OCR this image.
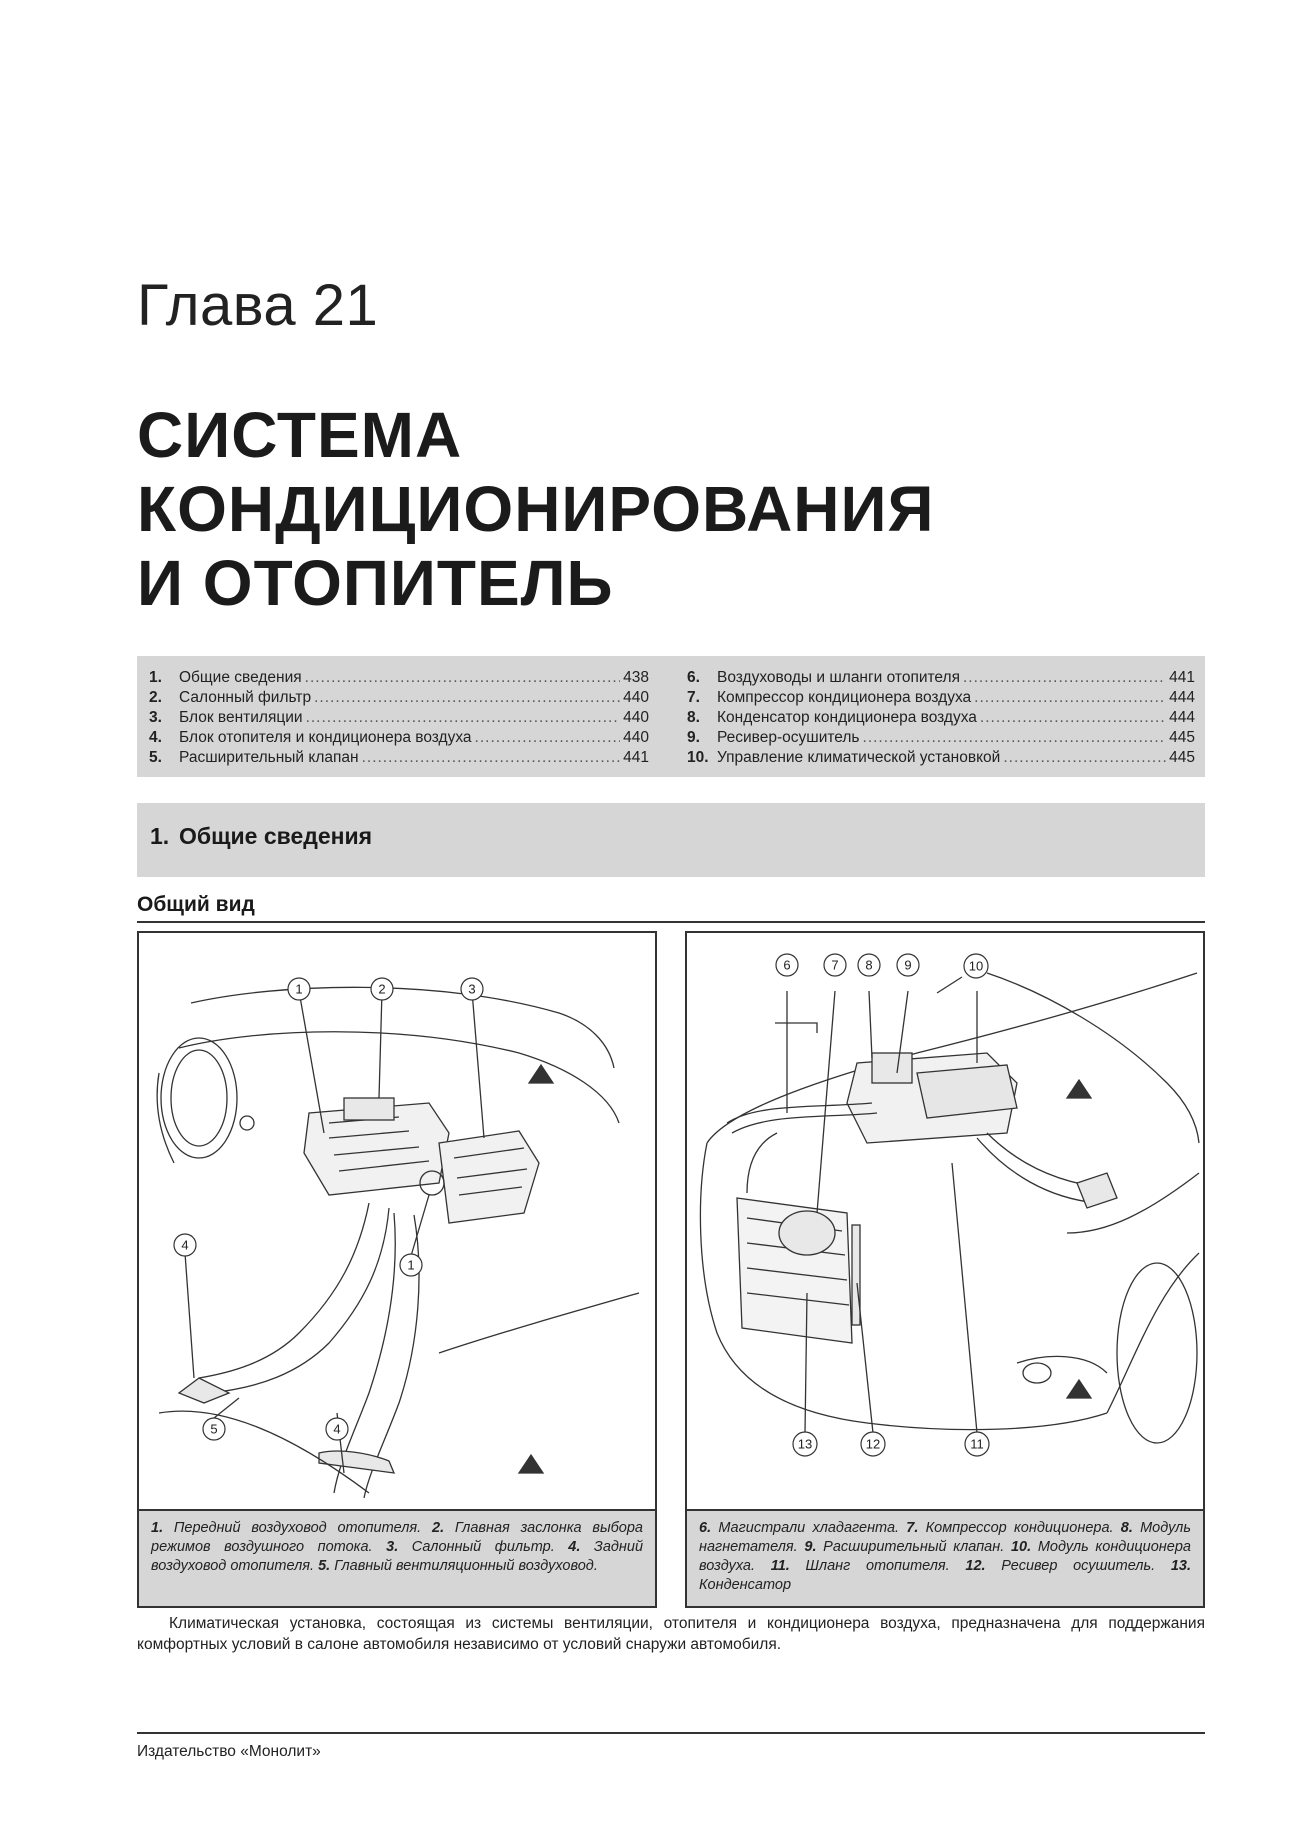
Глава 21
СИСТЕМА
КОНДИЦИОНИРОВАНИЯ
И ОТОПИТЕЛЬ
1.	Общие сведения .....	438
2.	Салонный фильтр .....	440
3.	Блок вентиляции .....	440
4.	Блок отопителя и кондиционера воздуха .....	440
5.	Расширительный клапан .....	441
6.	Воздуховоды и шланги отопителя .....	441
7.	Компрессор кондиционера воздуха .....	444
8.	Конденсатор кондиционера воздуха .....	444
9.	Ресивер-осушитель .....	445
10. Управление климатической установкой .....	445
1. Общие сведения
Общий вид
1	2	3
1
4
5	4
1. Передний воздуховод отопителя. 2. Главная заслонка выбора режимов воздушного потока. 3. Салонный фильтр. 4. Задний воздуховод отопителя. 5. Главный вентиляционный воздуховод.
6	7 8 9	10
13	12	11
6. Магистрали хладагента. 7. Компрессор кондиционера. 8. Модуль нагнетателя. 9. Расширительный клапан. 10. Модуль кондиционера воздуха. 11. Шланг отопителя. 12. Ресивер осушитель. 13. Конденсатор
Климатическая установка, состоящая из системы вентиляции, отопителя и кондиционера воздуха, предназначена для поддержания комфортных условий в салоне автомобиля независимо от условий снаружи автомобиля.
Издательство «Монолит»
